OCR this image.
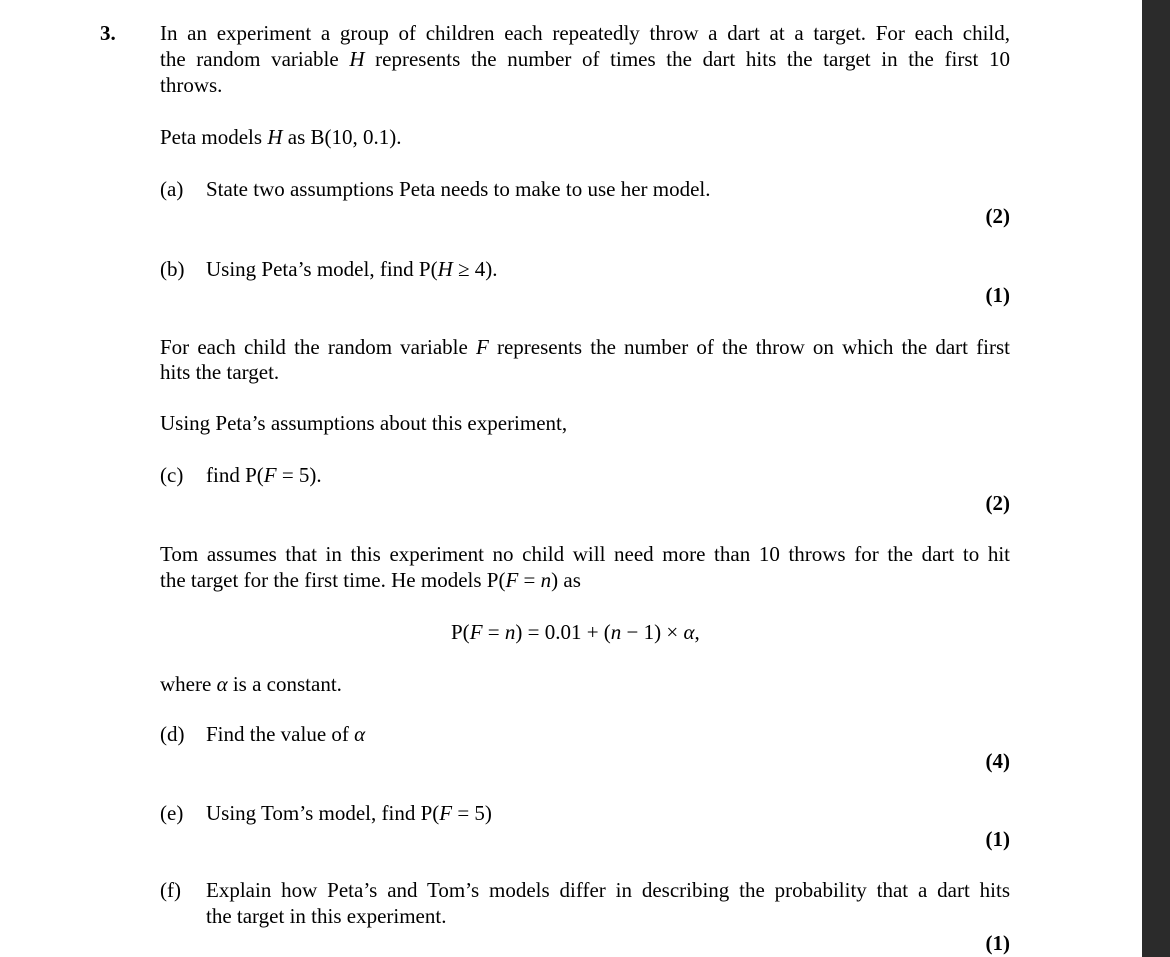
3. In an experiment a group of children each repeatedly throw a dart at a target. For each child,
the random variable H represents the number of times the dart hits the target in the first 10
throws.
Peta models H as B(10, 0.1).
(a) State two assumptions Peta needs to make to use her model.
(2)
(b) Using Peta’s model, find P(H ≥ 4).
(1)
For each child the random variable F represents the number of the throw on which the dart first
hits the target.
Using Peta’s assumptions about this experiment,
(c) find P(F = 5).
(2)
Tom assumes that in this experiment no child will need more than 10 throws for the dart to hit
the target for the first time. He models P(F = n) as
P(F = n) = 0.01 + (n − 1) × α,
where α is a constant.
(d) Find the value of α
(4)
(e) Using Tom’s model, find P(F = 5)
(1)
(f) Explain how Peta’s and Tom’s models differ in describing the probability that a dart hits
the target in this experiment.
(1)
